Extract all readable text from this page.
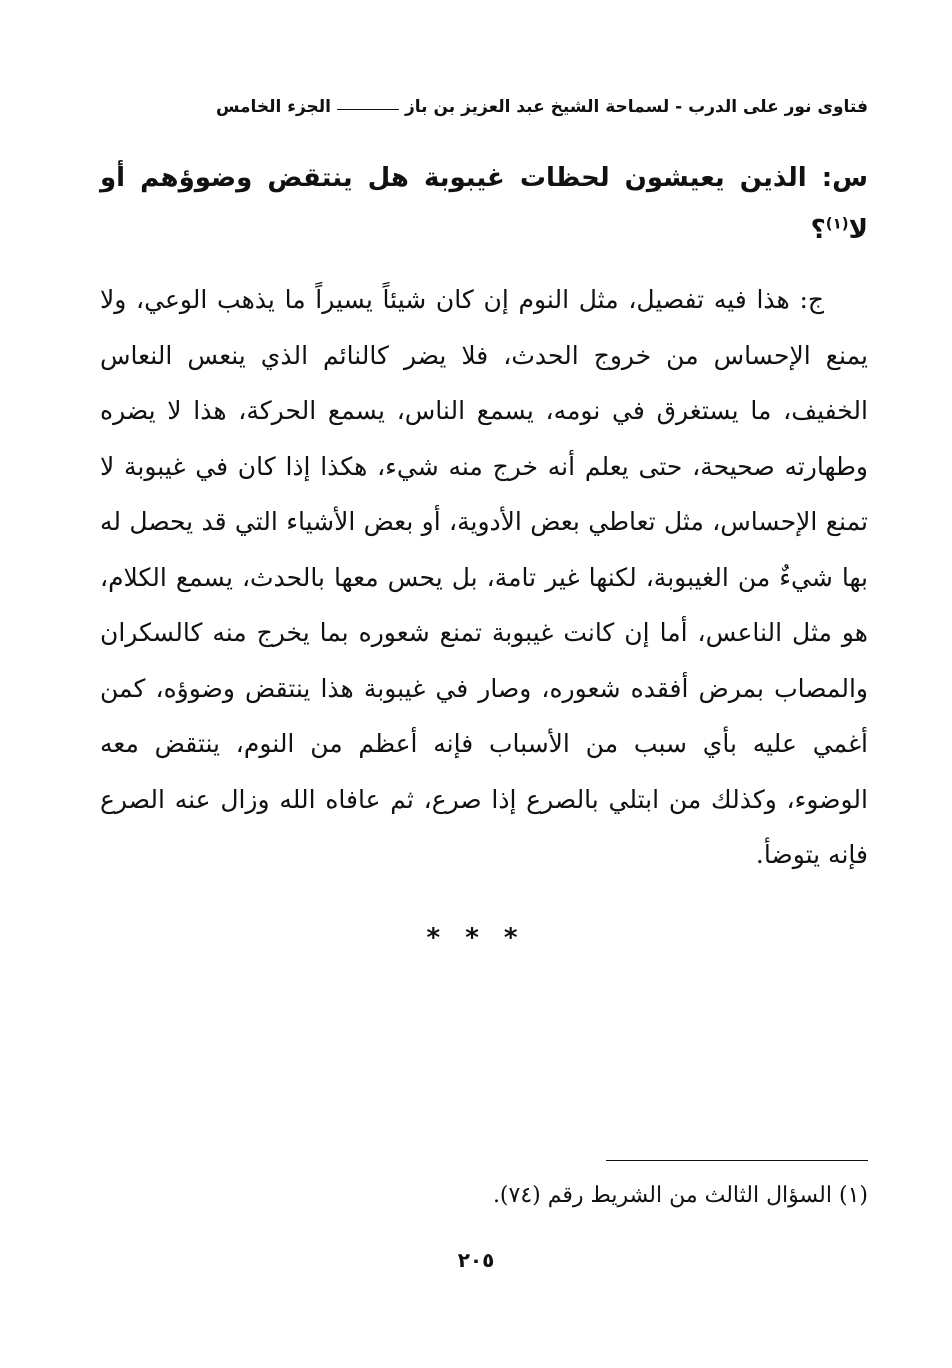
فتاوى نور على الدرب - لسماحة الشيخ عبد العزيز بن باز
الجزء الخامس
س: الذين يعيشون لحظات غيبوبة هل ينتقض وضوؤهم أو لا$^{(١)}$؟
ج: هذا فيه تفصيل، مثل النوم إن كان شيئاً يسيراً ما يذهب الوعي، ولا يمنع الإحساس من خروج الحدث، فلا يضر كالنائم الذي ينعس النعاس الخفيف، ما يستغرق في نومه، يسمع الناس، يسمع الحركة، هذا لا يضره وطهارته صحيحة، حتى يعلم أنه خرج منه شيء، هكذا إذا كان في غيبوبة لا تمنع الإحساس، مثل تعاطي بعض الأدوية، أو بعض الأشياء التي قد يحصل له بها شيءٌ من الغيبوبة، لكنها غير تامة، بل يحس معها بالحدث، يسمع الكلام، هو مثل الناعس، أما إن كانت غيبوبة تمنع شعوره بما يخرج منه كالسكران والمصاب بمرض أفقده شعوره، وصار في غيبوبة هذا ينتقض وضوؤه، كمن أغمي عليه بأي سبب من الأسباب فإنه أعظم من النوم، ينتقض معه الوضوء، وكذلك من ابتلي بالصرع إذا صرع، ثم عافاه الله وزال عنه الصرع فإنه يتوضأ.
* * *
(١) السؤال الثالث من الشريط رقم (٧٤).
٢٠٥
